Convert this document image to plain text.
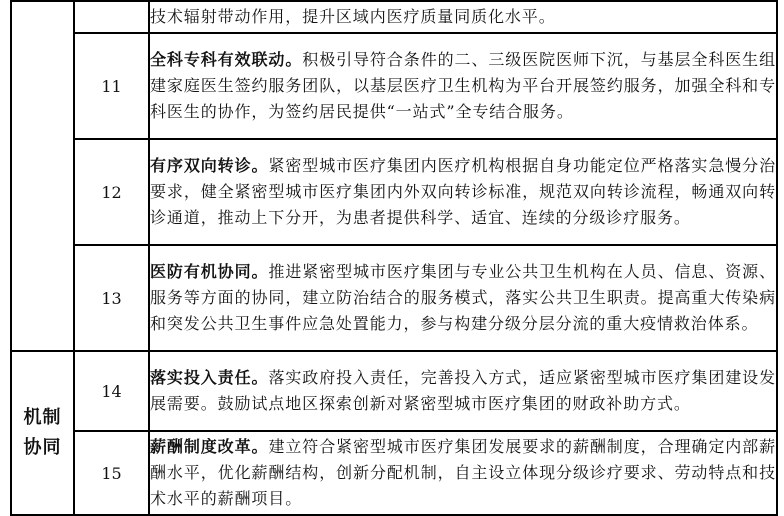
		技术辐射带动作用，提升区域内医疗质量同质化水平。
	11	全科专科有效联动。积极引导符合条件的二、三级医院医师下沉，与基层全科医生组建家庭医生签约服务团队，以基层医疗卫生机构为平台开展签约服务，加强全科和专科医生的协作，为签约居民提供“一站式”全专结合服务。
	12	有序双向转诊。紧密型城市医疗集团内医疗机构根据自身功能定位严格落实急慢分治要求，健全紧密型城市医疗集团内外双向转诊标准，规范双向转诊流程，畅通双向转诊通道，推动上下分开，为患者提供科学、适宜、连续的分级诊疗服务。
	13	医防有机协同。推进紧密型城市医疗集团与专业公共卫生机构在人员、信息、资源、服务等方面的协同，建立防治结合的服务模式，落实公共卫生职责。提高重大传染病和突发公共卫生事件应急处置能力，参与构建分级分层分流的重大疫情救治体系。

机制
协同	14	落实投入责任。落实政府投入责任，完善投入方式，适应紧密型城市医疗集团建设发展需要。鼓励试点地区探索创新对紧密型城市医疗集团的财政补助方式。
	15	薪酬制度改革。建立符合紧密型城市医疗集团发展要求的薪酬制度，合理确定内部薪酬水平，优化薪酬结构，创新分配机制，自主设立体现分级诊疗要求、劳动特点和技术水平的薪酬项目。
